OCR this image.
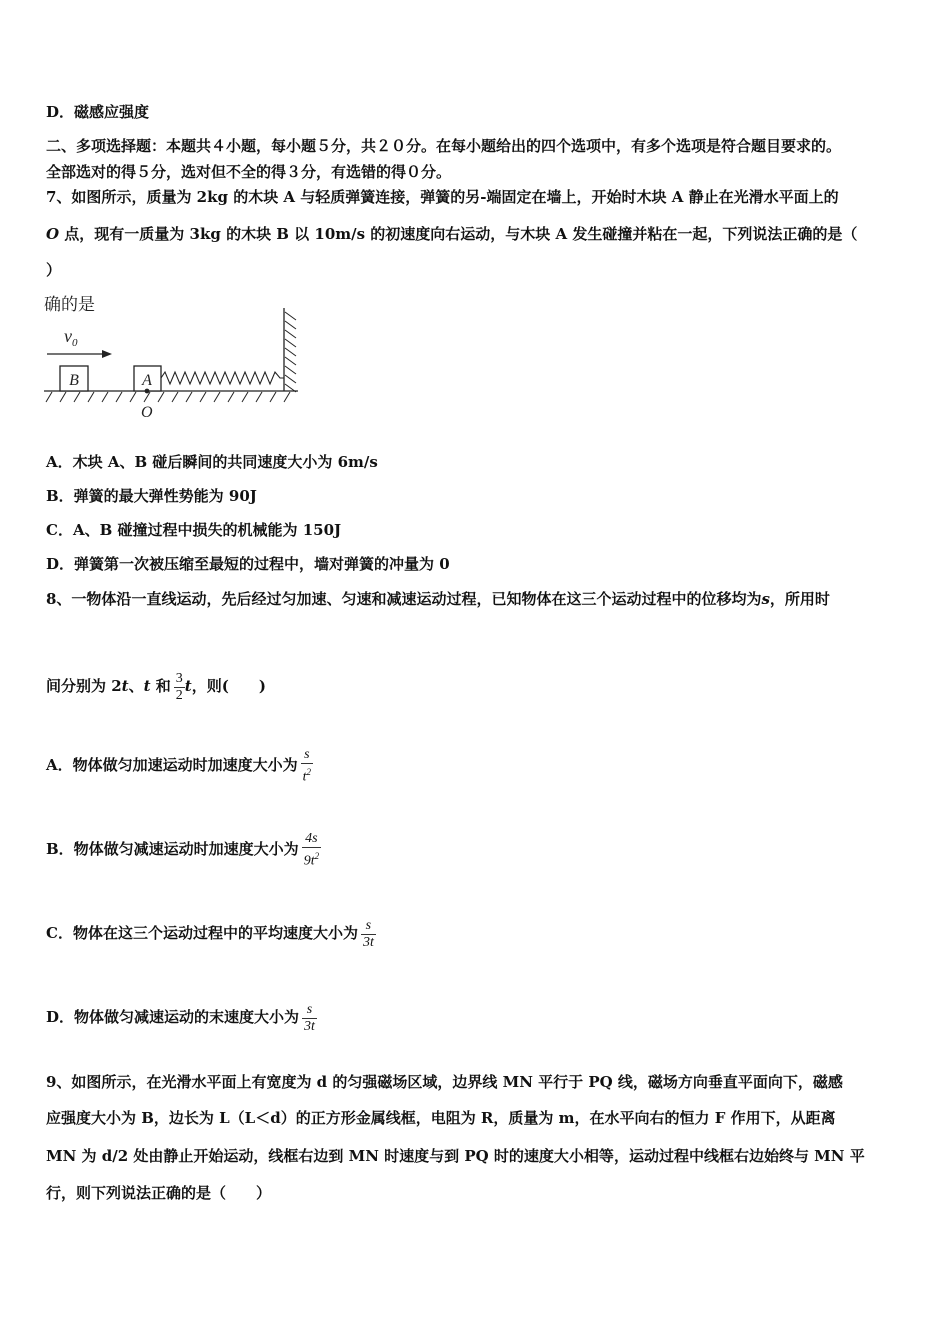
D．磁感应强度
二、多项选择题：本题共４小题，每小题５分，共２０分。在每小题给出的四个选项中，有多个选项是符合题目要求的。
全部选对的得５分，选对但不全的得３分，有选错的得０分。
7、如图所示，质量为 2kg 的木块 A 与轻质弹簧连接，弹簧的另-端固定在墙上，开始时木块 A 静止在光滑水平面上的
O 点，现有一质量为 3kg 的木块 B 以 10m/s 的初速度向右运动，与木块 A 发生碰撞并粘在一起，下列说法正确的是（
）
确的是
$v_0$
B	A
O
A．木块 A、B 碰后瞬间的共同速度大小为 6m/s
B．弹簧的最大弹性势能为 90J
C．A、B 碰撞过程中损失的机械能为 150J
D．弹簧第一次被压缩至最短的过程中，墙对弹簧的冲量为 0
8、一物体沿一直线运动，先后经过匀加速、匀速和减速运动过程，已知物体在这三个运动过程中的位移均为s，所用时
间分别为 2t、t 和 $\frac{3}{2}$ t，则(　　)
A．物体做匀加速运动时加速度大小为 $\frac{s}{t^2}$
B．物体做匀减速运动时加速度大小为 $\frac{4s}{9t^2}$
C．物体在这三个运动过程中的平均速度大小为 $\frac{s}{3t}$
D．物体做匀减速运动的末速度大小为 $\frac{s}{3t}$
9、如图所示，在光滑水平面上有宽度为 d 的匀强磁场区域，边界线 MN 平行于 PQ 线，磁场方向垂直平面向下，磁感
应强度大小为 B，边长为 L（L＜d）的正方形金属线框，电阻为 R，质量为 m，在水平向右的恒力 F 作用下，从距离
MN 为 d/2 处由静止开始运动，线框右边到 MN 时速度与到 PQ 时的速度大小相等，运动过程中线框右边始终与 MN 平
行，则下列说法正确的是（　　）
